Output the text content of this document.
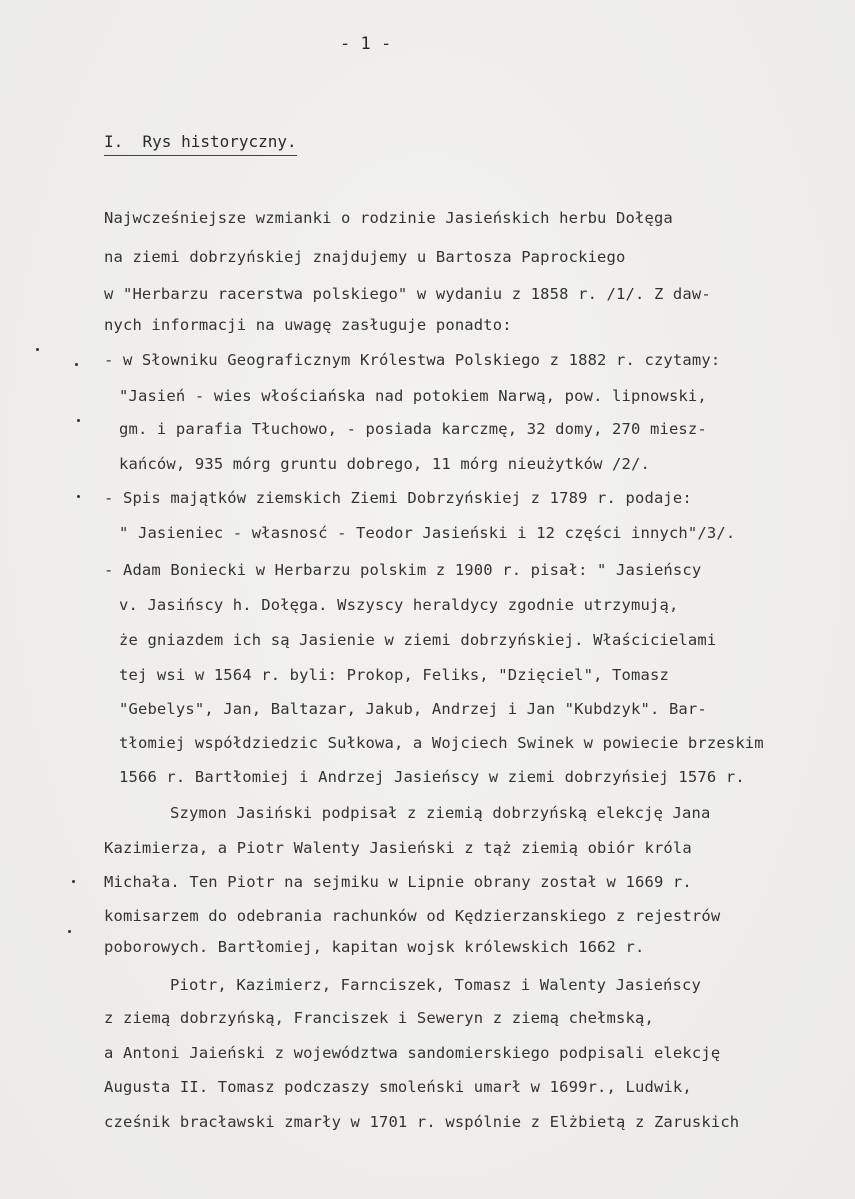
- 1 -
I.  Rys historyczny.
Najwcześniejsze wzmianki o rodzinie Jasieńskich herbu Dołęga
na ziemi dobrzyńskiej znajdujemy u Bartosza Paprockiego
w "Herbarzu racerstwa polskiego" w wydaniu z 1858 r. /1/. Z daw-
nych informacji na uwagę zasługuje ponadto:
- w Słowniku Geograficznym Królestwa Polskiego z 1882 r. czytamy:
"Jasień - wies włościańska nad potokiem Narwą, pow. lipnowski,
gm. i parafia Tłuchowo, - posiada karczmę, 32 domy, 270 miesz-
kańców, 935 mórg gruntu dobrego, 11 mórg nieużytków /2/.
- Spis majątków ziemskich Ziemi Dobrzyńskiej z 1789 r. podaje:
" Jasieniec - własnosć - Teodor Jasieński i 12 części innych"/3/.
- Adam Boniecki w Herbarzu polskim z 1900 r. pisał: " Jasieńscy
v. Jasińscy h. Dołęga. Wszyscy heraldycy zgodnie utrzymują,
że gniazdem ich są Jasienie w ziemi dobrzyńskiej. Właścicielami
tej wsi w 1564 r. byli: Prokop, Feliks, "Dzięciel", Tomasz
"Gebelys", Jan, Baltazar, Jakub, Andrzej i Jan "Kubdzyk". Bar-
tłomiej współdziedzic Sułkowa, a Wojciech Swinek w powiecie brzeskim
1566 r. Bartłomiej i Andrzej Jasieńscy w ziemi dobrzyńsiej 1576 r.
Szymon Jasiński podpisał z ziemią dobrzyńską elekcję Jana
Kazimierza, a Piotr Walenty Jasieński z tąż ziemią obiór króla
Michała. Ten Piotr na sejmiku w Lipnie obrany został w 1669 r.
komisarzem do odebrania rachunków od Kędzierzanskiego z rejestrów
poborowych. Bartłomiej, kapitan wojsk królewskich 1662 r.
Piotr, Kazimierz, Farnciszek, Tomasz i Walenty Jasieńscy
z ziemą dobrzyńską, Franciszek i Seweryn z ziemą chełmską,
a Antoni Jaieński z województwa sandomierskiego podpisali elekcję
Augusta II. Tomasz podczaszy smoleński umarł w 1699r., Ludwik,
cześnik bracławski zmarły w 1701 r. wspólnie z Elżbietą z Zaruskich
